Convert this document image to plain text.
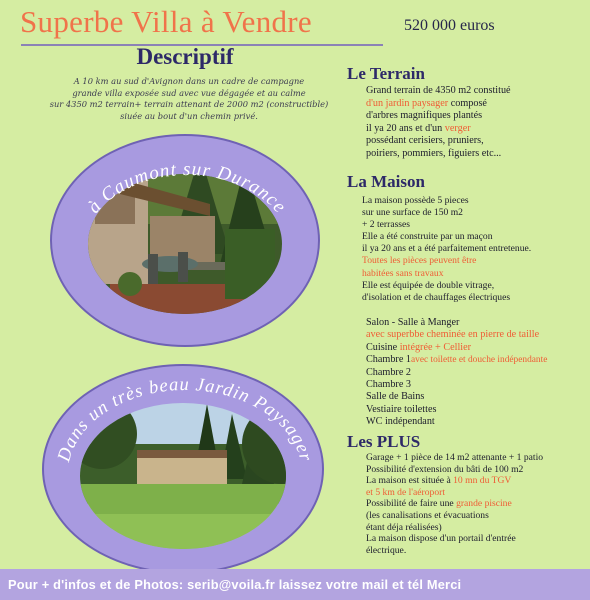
Superbe Villa à Vendre	520 000 euros
Descriptif
A 10 km au sud d'Avignon dans un cadre de campagne
grande villa exposée sud avec vue dégagée et au calme
sur 4350 m2 terrain+ terrain attenant de 2000 m2 (constructible)
siuée au bout d'un chemin privé.
à Caumont sur Durance
Dans un très beau Jardin Paysager
Le Terrain
Grand terrain de 4350 m2 constitué
d'un jardin paysager composé
d'arbres magnifiques plantés
il ya 20 ans et d'un verger
possédant cerisiers, pruniers,
poiriers, pommiers, figuiers etc...
La Maison
La maison possède 5 pieces
sur une surface de 150 m2
+ 2 terrasses
Elle a été construite par un maçon
il ya 20 ans et a été parfaitement entretenue.
Toutes les pièces peuvent être
habitées sans travaux
Elle est équipée de double vitrage,
d'isolation et de chauffages électriques
Salon - Salle à Manger
avec superbbe cheminée en pierre de taille
Cuisine intégrée + Cellier
Chambre 1avec toilette et douche indépendante
Chambre 2
Chambre 3
Salle de Bains
Vestiaire toilettes
WC indépendant
Les PLUS
Garage + 1 pièce de 14 m2 attenante + 1 patio
Possibilité d'extension du bâti de 100 m2
La maison est située à 10 mn du TGV
et 5 km de l'aéroport
Possibilité de faire une grande piscine
(les canalisations et évacuations
étant déja réalisées)
La maison dispose d'un portail d'entrée
électrique.
Pour + d'infos et de Photos: serib@voila.fr laissez votre mail et tél Merci
